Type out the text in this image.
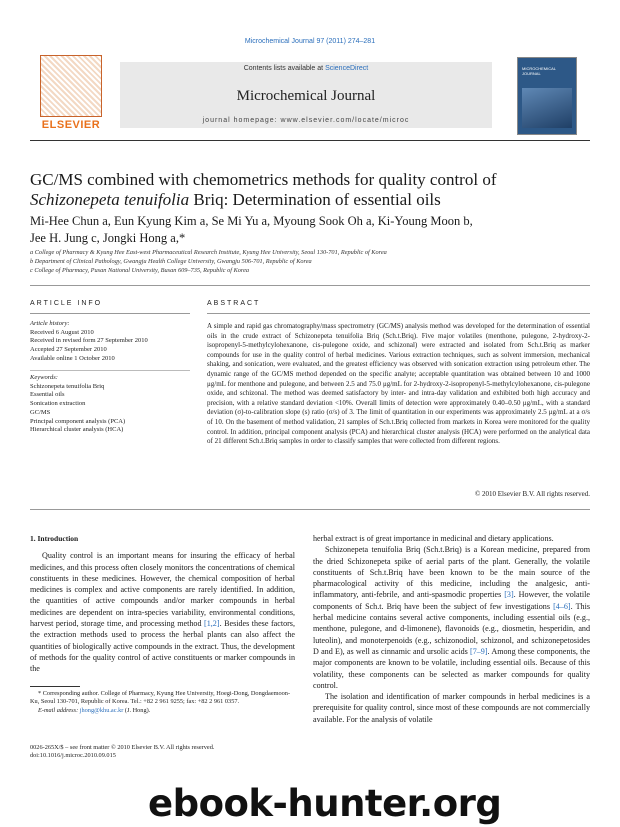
Microchemical Journal 97 (2011) 274–281
ELSEVIER
Contents lists available at ScienceDirect
Microchemical Journal
journal homepage: www.elsevier.com/locate/microc
MICROCHEMICAL JOURNAL
GC/MS combined with chemometrics methods for quality control of Schizonepeta tenuifolia Briq: Determination of essential oils
Mi-Hee Chun a, Eun Kyung Kim a, Se Mi Yu a, Myoung Sook Oh a, Ki-Young Moon b,
Jee H. Jung c, Jongki Hong a,*
a College of Pharmacy & Kyung Hee East-west Pharmaceutical Research Institute, Kyung Hee University, Seoul 130-701, Republic of Korea
b Department of Clinical Pathology, Gwangju Health College University, Gwangju 506-701, Republic of Korea
c College of Pharmacy, Pusan National University, Busan 609–735, Republic of Korea
ARTICLE INFO
Article history:
Received 6 August 2010
Received in revised form 27 September 2010
Accepted 27 September 2010
Available online 1 October 2010
Keywords:
Schizonepeta tenuifolia Briq
Essential oils
Sonication extraction
GC/MS
Principal component analysis (PCA)
Hierarchical cluster analysis (HCA)
ABSTRACT
A simple and rapid gas chromatography/mass spectrometry (GC/MS) analysis method was developed for the determination of essential oils in the crude extract of Schizonepeta tenuifolia Briq (Sch.t.Briq). Five major volatiles (menthone, pulegone, 2-hydroxy-2-isopropenyl-5-methylcylohexanone, cis-pulegone oxide, and schizonal) were extracted and isolated from Sch.t.Briq as marker compounds for use in the quality control of herbal medicines. Various extraction techniques, such as solvent immersion, mechanical shaking, and sonication, were evaluated, and the greatest efficiency was observed with sonication extraction using petroleum ether. The dynamic range of the GC/MS method depended on the specific analyte; acceptable quantitation was obtained between 10 and 1000 μg/mL for menthone and pulegone, and between 2.5 and 75.0 μg/mL for 2-hydroxy-2-isopropenyl-5-methylcylohexanone, cis-pulegone oxide, and schizonal. The method was deemed satisfactory by inter- and intra-day validation and exhibited both high accuracy and precision, with a relative standard deviation <10%. Overall limits of detection were approximately 0.40–0.50 μg/mL, with a standard deviation (σ)-to-calibration slope (s) ratio (σ/s) of 3. The limit of quantitation in our experiments was approximately 2.5 μg/mL at a σ/s of 10. On the basement of method validation, 21 samples of Sch.t.Briq collected from markets in Korea were monitored for the quality control. In addition, principal component analysis (PCA) and hierarchical cluster analysis (HCA) were performed on the analytical data of 21 different Sch.t.Briq samples in order to classify samples that were collected from different regions.
© 2010 Elsevier B.V. All rights reserved.
1. Introduction

Quality control is an important means for insuring the efficacy of herbal medicines, and this process often closely monitors the concentrations of chemical constituents in these medicines. However, the chemical composition of herbal medicines is complex and active components are rarely identified. In addition, the quantities of active compounds and/or marker compounds in herbal medicines are dependent on intra-species variability, environmental conditions, harvest period, storage time, and processing method [1,2]. Besides these factors, the extraction methods used to process the herbal plants can also affect the quantities of biologically active compounds in the extract. Thus, the development of methods for the quality control of active constituents or marker compounds in the

herbal extract is of great importance in medicinal and dietary applications.

Schizonepeta tenuifolia Briq (Sch.t.Briq) is a Korean medicine, prepared from the dried Schizonepeta spike of aerial parts of the plant. Generally, the volatile constituents of Sch.t.Briq have been known to be the main source of the pharmacological activity of this medicine, including the analgesic, anti-inflammatory, anti-febrile, and anti-spasmodic properties [3]. However, the volatile components of Sch.t. Briq have been the subject of few investigations [4–6]. This herbal medicine contains several active components, including essential oils (e.g., menthone, pulegone, and d-limonene), flavonoids (e.g., diosmetin, hesperidin, and luteolin), and monoterpenoids (e.g., schizonodiol, schizonol, and schizonepetosides D and E), as well as cinnamic and ursolic acids [7–9]. Among these components, the major components are known to be volatile, including essential oils. Because of this volatility, these components can be selected as marker compounds for quality control.

The isolation and identification of marker compounds in herbal medicines is a prerequisite for quality control, since most of these compounds are not commercially available. For the analysis of volatile

* Corresponding author. College of Pharmacy, Kyung Hee University, Hoegi-Dong, Dongdaemoon-Ku, Seoul 130-701, Republic of Korea. Tel.: +82 2 961 9255; fax: +82 2 961 0357.
E-mail address: jhong@khu.ac.kr (J. Hong).
0026-265X/$ – see front matter © 2010 Elsevier B.V. All rights reserved.
doi:10.1016/j.microc.2010.09.015
ebook-hunter.org
